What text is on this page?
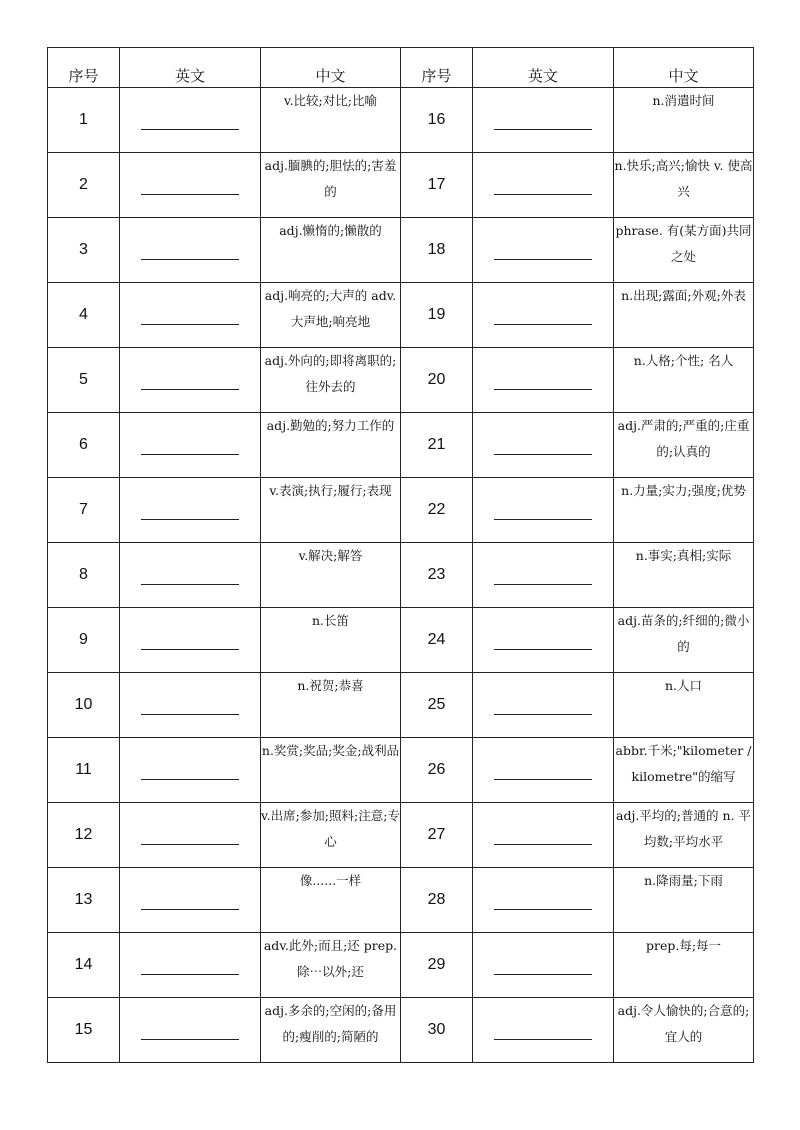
序号	英文	中文	序号	英文	中文
1		v.比较;对比;比喻	16		n.消遣时间
2		adj.腼腆的;胆怯的;害羞的	17		n.快乐;高兴;愉快 v. 使高兴
3		adj.懒惰的;懒散的	18		phrase. 有(某方面)共同之处
4		adj.响亮的;大声的 adv. 大声地;响亮地	19		n.出现;露面;外观;外表
5		adj.外向的;即将离职的;往外去的	20		n.人格;个性; 名人
6		adj.勤勉的;努力工作的	21		adj.严肃的;严重的;庄重的;认真的
7		v.表演;执行;履行;表现	22		n.力量;实力;强度;优势
8		v.解决;解答	23		n.事实;真相;实际
9		n.长笛	24		adj.苗条的;纤细的;微小的
10		n.祝贺;恭喜	25		n.人口
11		n.奖赏;奖品;奖金;战利品	26		abbr.千米;"kilometer / kilometre"的缩写
12		v.出席;参加;照料;注意;专心	27		adj.平均的;普通的 n. 平均数;平均水平
13		像......一样	28		n.降雨量;下雨
14		adv.此外;而且;还 prep. 除⋯以外;还	29		prep.每;每一
15		adj.多余的;空闲的;备用的;瘦削的;简陋的	30		adj.令人愉快的;合意的;宜人的
